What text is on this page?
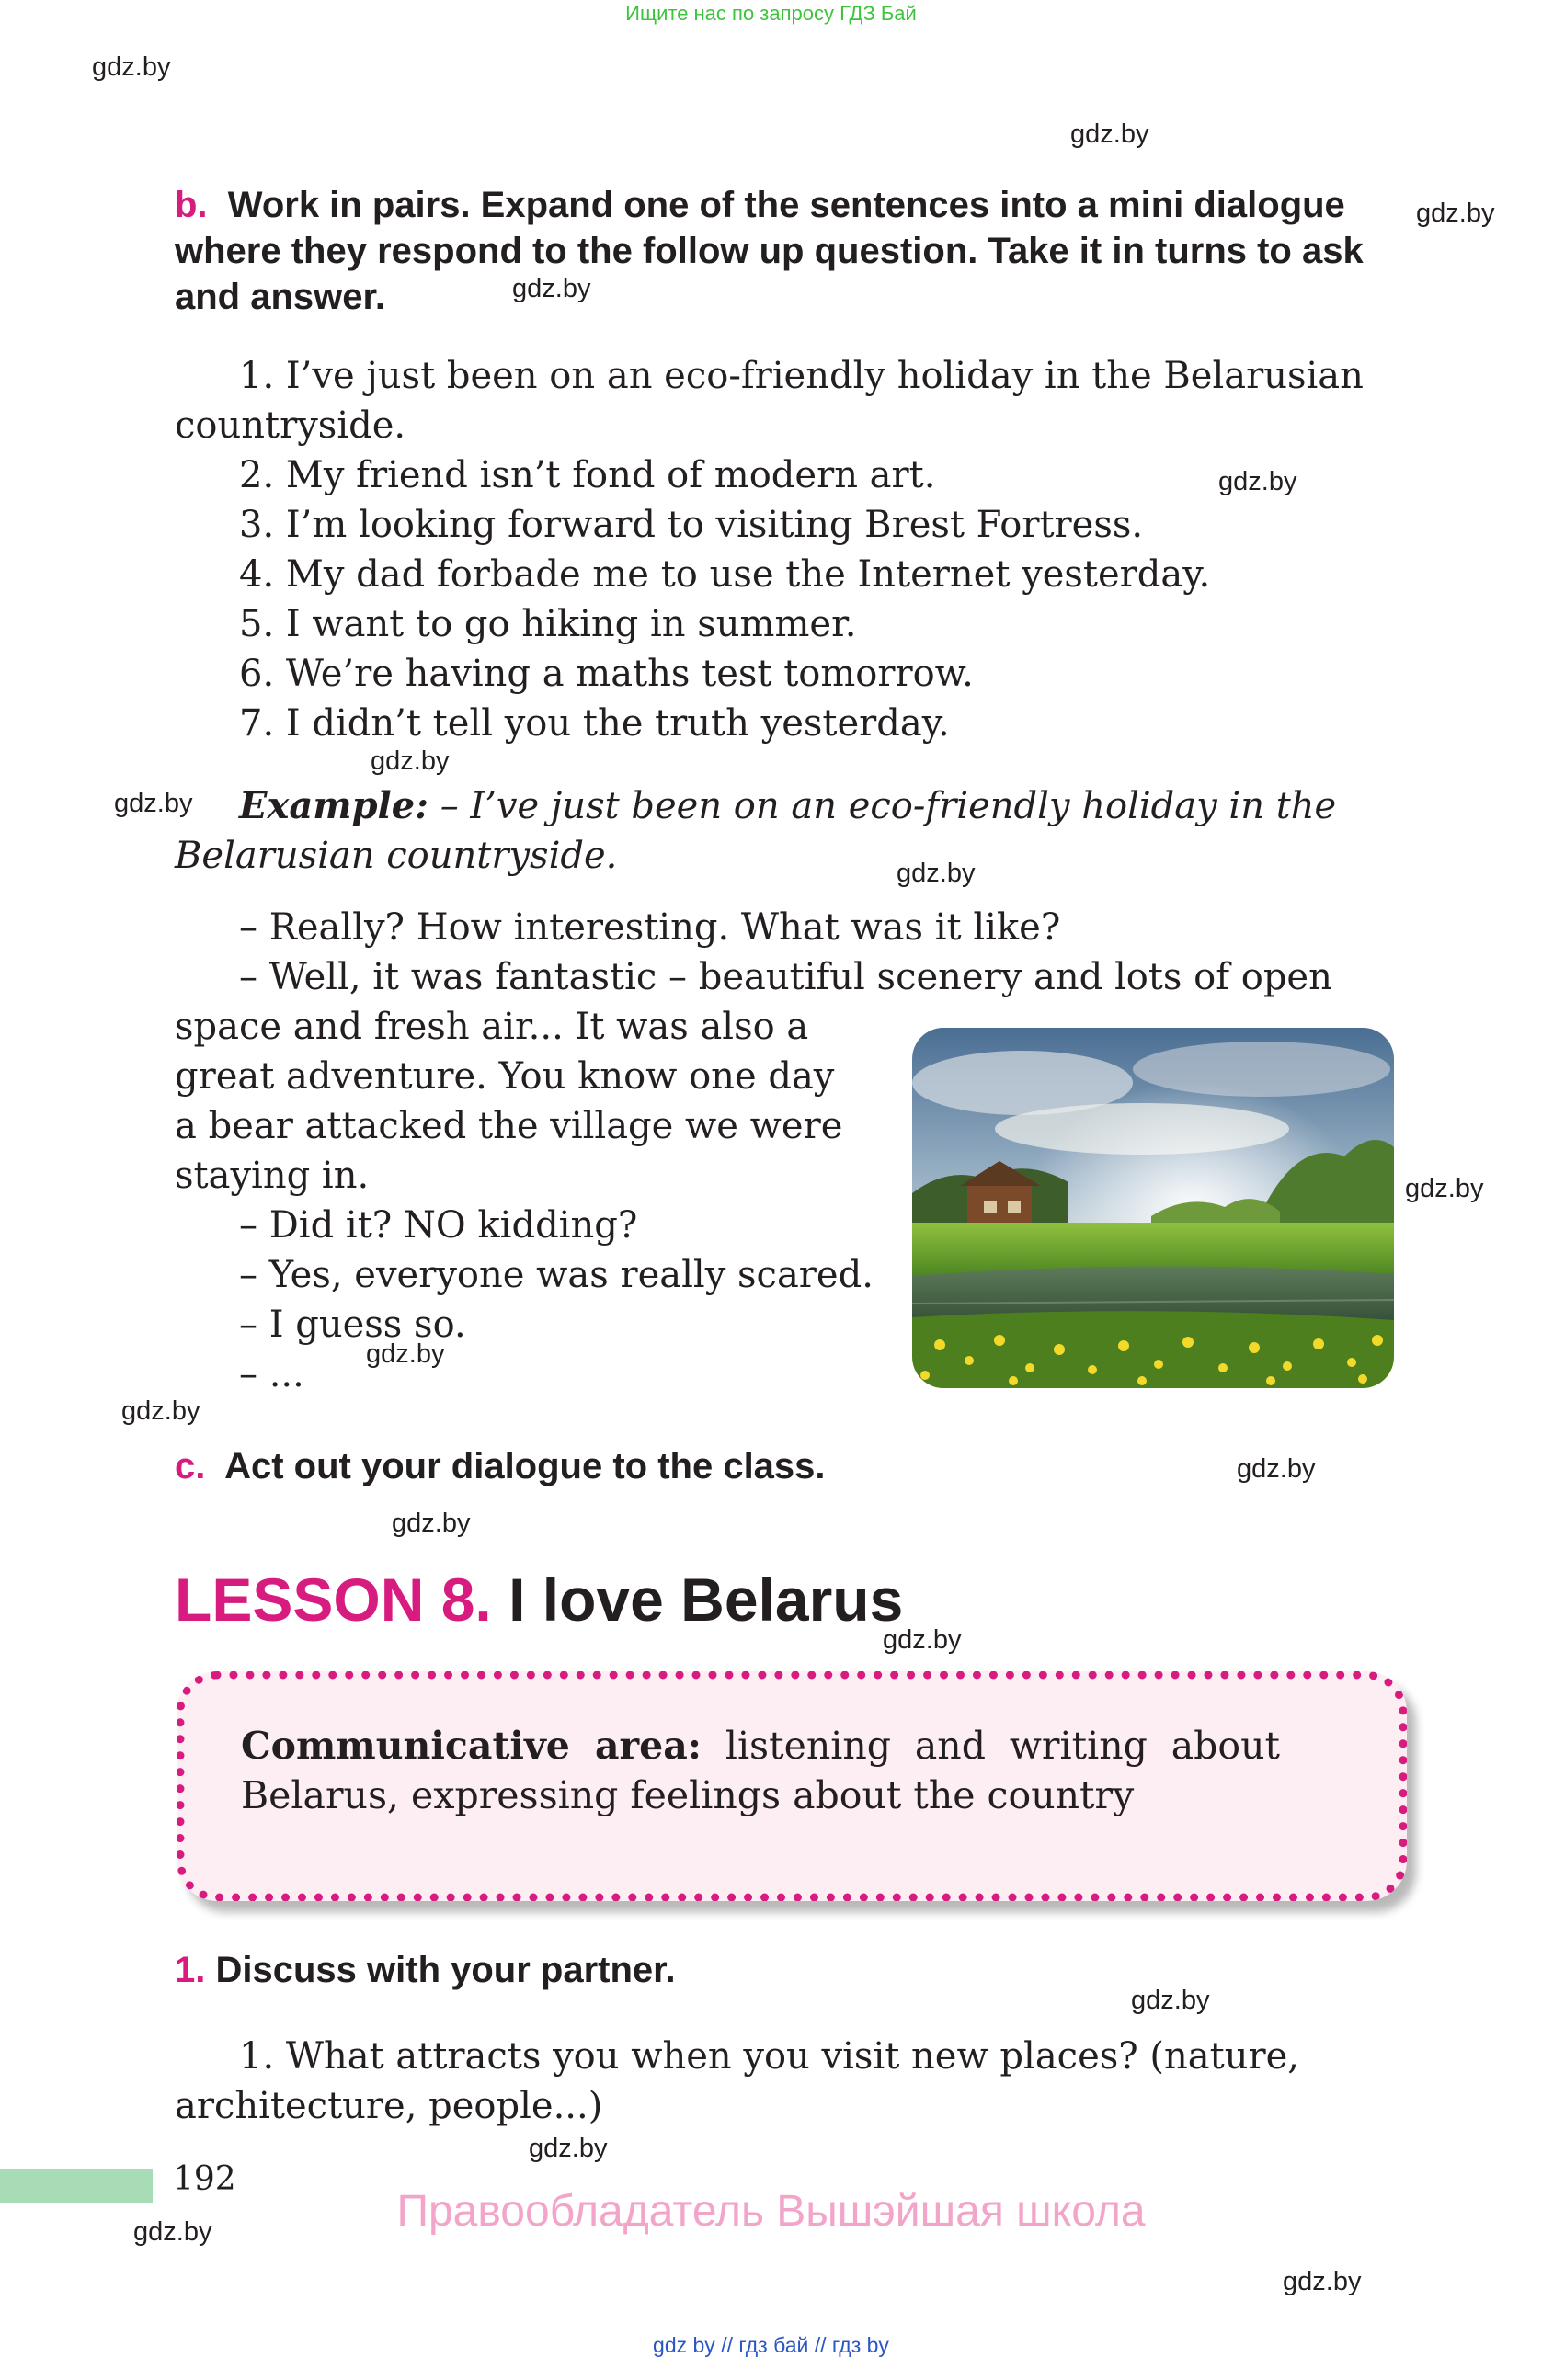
Ищите нас по запросу ГДЗ Бай
gdz.by
gdz.by
gdz.by
gdz.by
gdz.by
gdz.by
gdz.by
gdz.by
gdz.by
gdz.by
gdz.by
gdz.by
gdz.by
gdz.by
gdz.by
gdz.by
gdz.by
gdz.by
b. Work in pairs. Expand one of the sentences into a mini dialogue
where they respond to the follow up question. Take it in turns to ask
and answer.
1. I’ve just been on an eco-friendly holiday in the Belarusian
countryside.
2. My friend isn’t fond of modern art.
3. I’m looking forward to visiting Brest Fortress.
4. My dad forbade me to use the Internet yesterday.
5. I want to go hiking in summer.
6. We’re having a maths test tomorrow.
7. I didn’t tell you the truth yesterday.
Example: – I’ve just been on an eco-friendly holiday in the
Belarusian countryside.
– Really? How interesting. What was it like?
– Well, it was fantastic – beautiful scenery and lots of open
space and fresh air... It was also a
great adventure. You know one day
a bear attacked the village we were
staying in.
– Did it? NO kidding?
– Yes, everyone was really scared.
– I guess so.
– ...
c. Act out your dialogue to the class.
LESSON 8. I love Belarus
Communicative area: listening and writing about Belarus, expressing feelings about the country
1. Discuss with your partner.
1. What attracts you when you visit new places? (nature,
architecture, people...)
192
Правообладатель Вышэйшая школа
gdz by // гдз бай // гдз by
